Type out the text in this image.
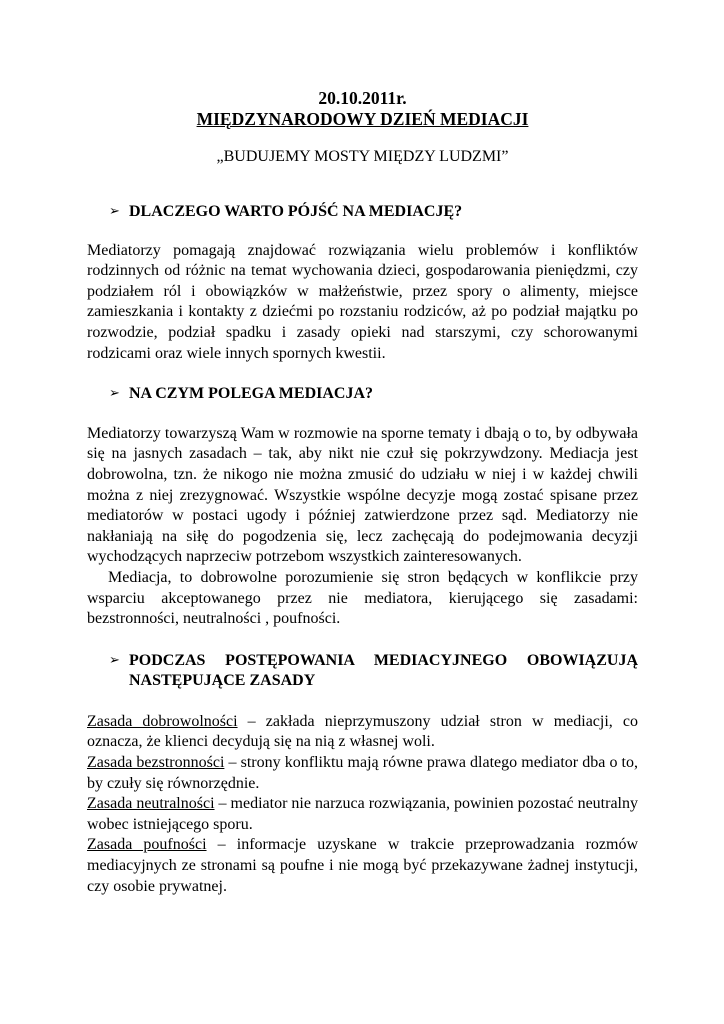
20.10.2011r.
MIĘDZYNARODOWY DZIEŃ MEDIACJI
„BUDUJEMY MOSTY MIĘDZY LUDZMI”
➢ DLACZEGO WARTO PÓJŚĆ NA MEDIACJĘ?

Mediatorzy pomagają znajdować rozwiązania wielu problemów i konfliktów rodzinnych od różnic na temat wychowania dzieci, gospodarowania pieniędzmi, czy podziałem ról i obowiązków w małżeństwie, przez spory o alimenty, miejsce zamieszkania i kontakty z dziećmi po rozstaniu rodziców, aż po podział majątku po rozwodzie, podział spadku i zasady opieki nad starszymi, czy schorowanymi rodzicami oraz wiele innych spornych kwestii.

➢ NA CZYM POLEGA MEDIACJA?

Mediatorzy towarzyszą Wam w rozmowie na sporne tematy i dbają o to, by odbywała się na jasnych zasadach – tak, aby nikt nie czuł się pokrzywdzony. Mediacja jest dobrowolna, tzn. że nikogo nie można zmusić do udziału w niej i w każdej chwili można z niej zrezygnować. Wszystkie wspólne decyzje mogą zostać spisane przez mediatorów w postaci ugody i później zatwierdzone przez sąd. Mediatorzy nie nakłaniają na siłę do pogodzenia się, lecz zachęcają do podejmowania decyzji wychodzących naprzeciw potrzebom wszystkich zainteresowanych.

Mediacja, to dobrowolne porozumienie się stron będących w konflikcie przy wsparciu akceptowanego przez nie mediatora, kierującego się zasadami: bezstronności, neutralności , poufności.

➢ PODCZAS POSTĘPOWANIA MEDIACYJNEGO OBOWIĄZUJĄ NASTĘPUJĄCE ZASADY

Zasada dobrowolności – zakłada nieprzymuszony udział stron w mediacji, co oznacza, że klienci decydują się na nią z własnej woli.

Zasada bezstronności – strony konfliktu mają równe prawa dlatego mediator dba o to, by czuły się równorzędnie.

Zasada neutralności – mediator nie narzuca rozwiązania, powinien pozostać neutralny wobec istniejącego sporu.

Zasada poufności – informacje uzyskane w trakcie przeprowadzania rozmów mediacyjnych ze stronami są poufne i nie mogą być przekazywane żadnej instytucji, czy osobie prywatnej.
